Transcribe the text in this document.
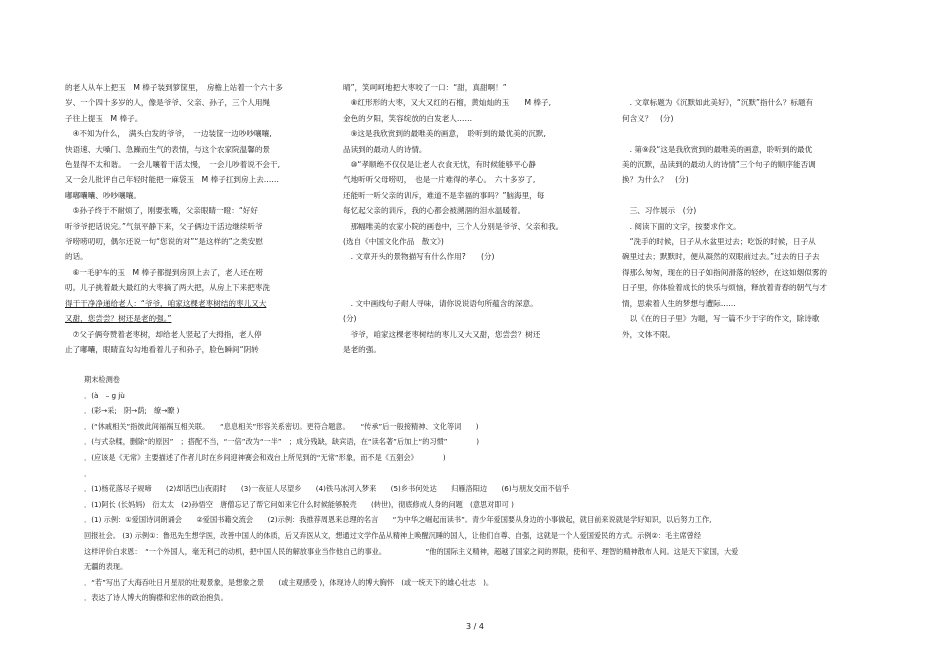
的老人从车上把玉　M 棒子装到箩筐里，　房檐上站着一个六十多

岁、一个四十多岁的人，像是爷爷、父亲、孙子，三个人用绳

子往上提玉　M 棒子。

　④不知为什么，　满头白发的爷爷，　一边装筐一边吵吵嚷嚷,

快语速、大嗓门、急躁而生气的表情，与这个农家院温馨的景

色显得不太和谐。　一会儿嚷着干活太慢，　一会儿吵着说不会干,

又一会儿批评自己年轻时能把一麻袋玉　M 棒子扛到房上去……

嘟嘟囔囔、吵吵嚷嚷。

　⑤孙子终于不耐烦了，刚要张嘴，父亲眼睛一瞪：“好好

听爷爷把话说完。”气氛平静下来，父子俩边干活边继续听爷

爷唠唠叨叨，偶尔还说一句“您说的对”“是这样的”之类安慰

的话。

　⑥一毛驴车的玉　M 棒子都提到房顶上去了，老人还在唠

叨。儿子挑着最大最红的大枣摘了两大把，从房上下来把枣洗

得干干净净递给老人：“爷爷，咱家这棵老枣树结的枣儿又大

又甜，您尝尝？树还是老的强。”

　⑦父子俩夸赞着老枣树，却给老人竖起了大拇指，老人停

止了嘟囔，眼睛直勾勾地看着儿子和孙子，脸色瞬间“阴转

晴”，笑呵呵地把大枣咬了一口：“甜，真甜啊！”

　⑧红形形的大枣，又大又红的石榴，黄灿灿的玉　　M 棒子,

金色的夕阳，笑容绽放的白发老人……

　⑨这是我欣赏到的最唯美的画意，　聆听到的最优美的沉默,

品读到的最动人的诗情。

　⑩“孝顺绝不仅仅是让老人衣食无忧，有时候能够平心静

气地听听父母唠叨，　也是一片难得的孝心。　六十多岁了,

还能听一听父亲的训斥，难道不是幸福的事吗？”脑海里，每

每忆起父亲的训斥，我的心都会被溯涸的泪水温暖着。

　那幅唯美的农家小院的画卷中，三个人分别是爷爷、父亲和我。

(选自《中国文化作品　散文》)

　. 文章开头的景物描写有什么作用?　　(分)

　. 文中画线句子耐人寻味，请你说说语句所蕴含的深意。

(分)

　爷爷，咱家这棵老枣树结的枣儿又大又甜，您尝尝？树还

是老的强。

　. 文章标题为《沉默如此美好》，“沉默”指什么？标题有

何含义？　(分)

　. 第⑨段“这是我欣赏到的最唯美的画意，聆听到的最优

美的沉默，品读到的最动人的诗情”三个句子的顺序能否调

换？为什么？　(分)

　三、习作展示　(分)

　. 阅读下面的文字，按要求作文。

　“洗手的时候，日子从水盆里过去；吃饭的时候，日子从

碗里过去；默默时，便从凝然的双眼前过去。”过去的日子去

得那么匆匆，现在的日子如指间滑落的轻纱，在这如烟似雾的

日子里，你体验着成长的快乐与烦恼，释放着青春的朝气与才

情，思索着人生的梦想与遭际……

　以《在的日子里》为题，写一篇不少于字的作文，除诗歌

外，文体不限。

期末检测卷

．(à　– g jù

．(彩→采;　阴→荫;　缭→瞭 )

．(“休戚相关”指彼此间福祸互相关联。　　“息息相关”形容关系密切。更符合题意。　　“传承”后一般接精神、文化等词　　)

．(与式杂糅，删除“的原因”　；搭配不当，“一倍”改为“一半”　；成分残缺，缺宾语，在“读名著”后加上“的习惯”　　　　)

．(应该是《无常》主要描述了作者儿时在乡间迎神赛会和戏台上所见到的“无常”形象，而不是《五猖会》　　　　)

．

．(1)杨花落尽子规啼　　(2)却话巴山夜雨时　　(3)一夜征人尽望乡　　(4)铁马冰河入梦来　　(5)乡书何处达　　归雁洛阳边　　(6)与朋友交而不信乎

．(1)阿长 (长妈妈)　衍太太　(2)孙悟空　唐僧忘记了帮它问如来它什么时候能够脱壳　　(转世)，彻底修成人身的问题　(意思对即可 )

．(1) 示例：①爱国诗词朗诵会　　②爱国书籍交流会　　(2)示例：我推荐周恩来总理的名言　　“为中华之崛起而读书”。青少年爱国要从身边的小事做起，就目前来说就是学好知识，以后努力工作,

回报社会。 (3) 示例①：鲁迅先生想学医，改善中国人的体质，后又弃医从文，想通过文学作品从精神上唤醒沉睡的国人，让他们自尊、自强，这就是一个人爱国爱民的方式。示例②：毛主席曾经

这样评价白求恩：　“一个外国人，毫无利己的动机，把中国人民的解放事业当作他自己的事业。　　　　　　”他的国际主义精神，超越了国家之间的界限，使和平、理智的精神散布人间。这是天下家国，大爱

无疆的表现。

．“若”写出了大海吞吐日月星辰的壮观景象，是想象之景　　(或主观感受 )，体现诗人的博大胸怀　(或一统天下的雄心壮志　)。

．表达了诗人博大的胸襟和宏伟的政治抱负。

3 / 4
